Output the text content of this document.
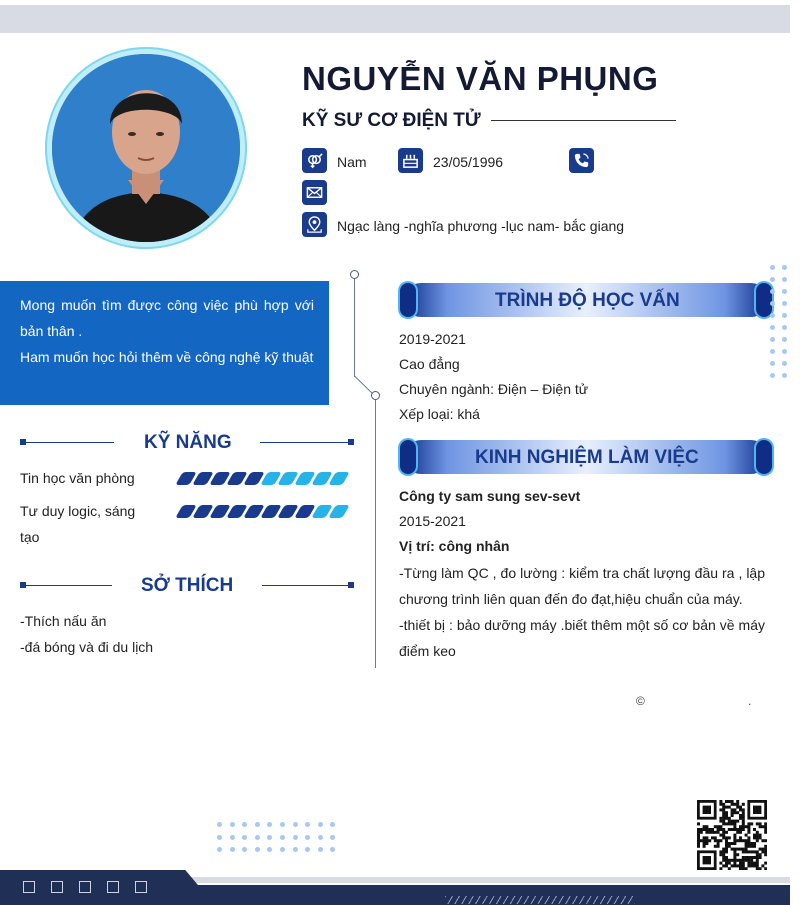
NGUYỄN VĂN PHỤNG
KỸ SƯ CƠ ĐIỆN TỬ
Nam	23/05/1996
Ngạc làng -nghĩa phương -lục nam- bắc giang
Mong muốn tìm được công việc phù hợp với bản thân .
Ham muốn học hỏi thêm về công nghệ kỹ thuật
KỸ NĂNG
Tin học văn phòng
Tư duy logic, sáng tạo
SỞ THÍCH
-Thích nấu ăn
-đá bóng và đi du lịch
TRÌNH ĐỘ HỌC VẤN
2019-2021
Cao đẳng
Chuyên ngành: Điện – Điện tử
Xếp loại: khá
KINH NGHIỆM LÀM VIỆC
Công ty sam sung sev-sevt
2015-2021
Vị trí: công nhân
-Từng làm QC , đo lường : kiểm tra chất lượng đầu ra , lập chương trình liên quan đến đo đạt,hiệu chuẩn của máy.
-thiết bị : bảo dưỡng máy .biết thêm một số cơ bản về máy điểm keo
©	.
